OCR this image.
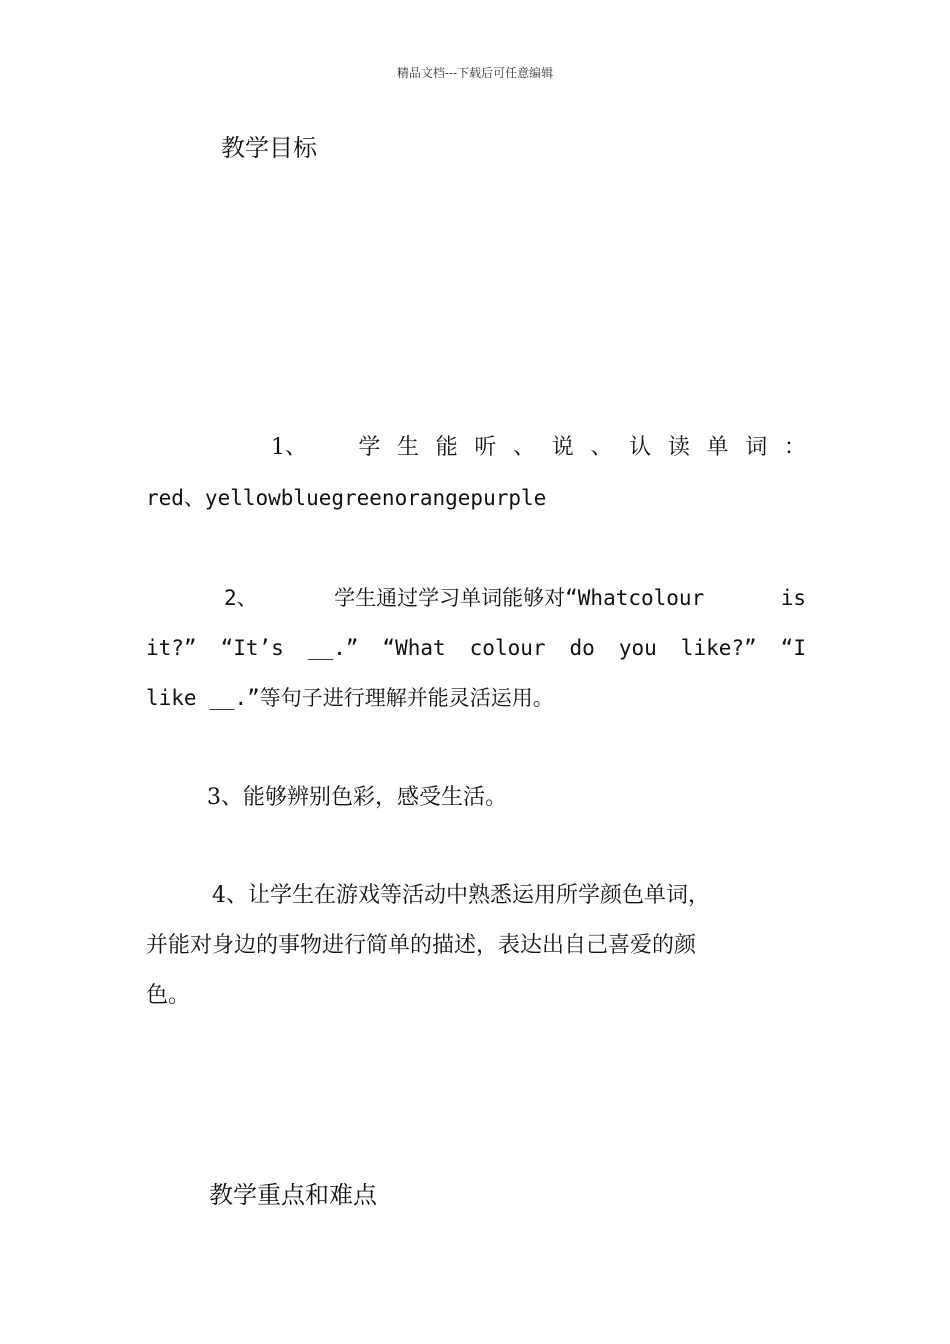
精品文档---下载后可任意编辑
教学目标
1、 学 生 能 听 、 说 、 认 读 单 词 ：
red、yellowbluegreenorangepurple
2、	学生通过学习单词能够对“Whatcolour	is
it?” “It’s __.” “What colour do you like?” “I
like __.”等句子进行理解并能灵活运用。
3、能够辨别色彩，感受生活。
4、让学生在游戏等活动中熟悉运用所学颜色单词，
并能对身边的事物进行简单的描述，表达出自己喜爱的颜
色。
教学重点和难点
